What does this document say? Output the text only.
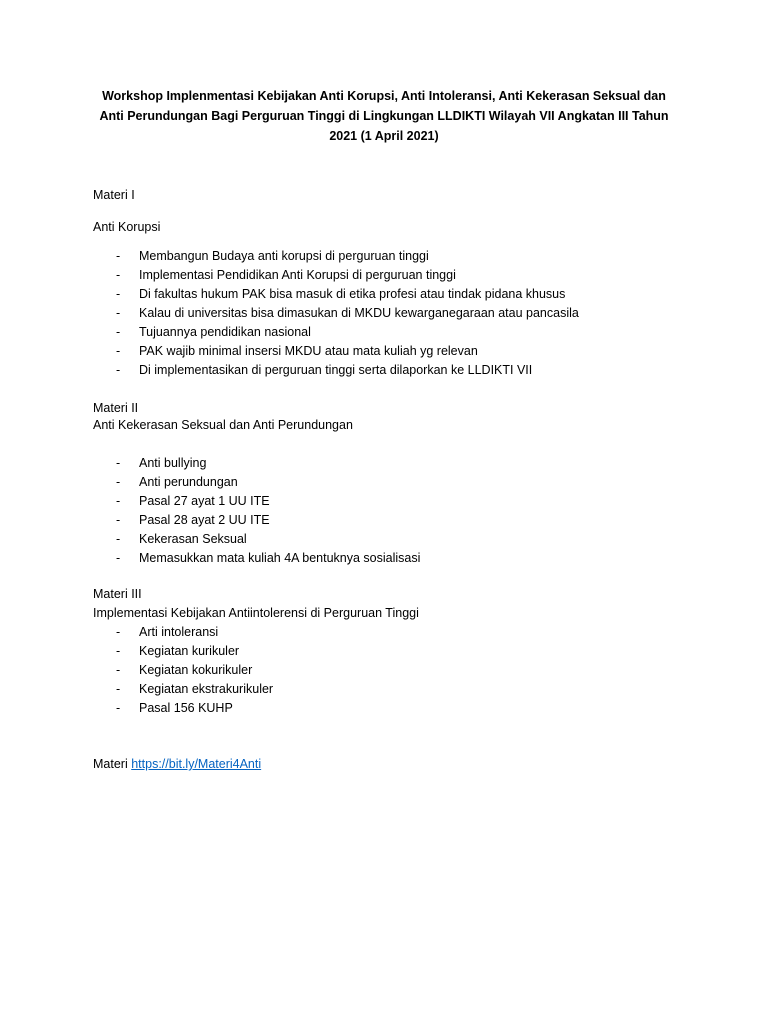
Workshop Implenmentasi Kebijakan Anti Korupsi, Anti Intoleransi, Anti Kekerasan Seksual dan
Anti Perundungan Bagi Perguruan Tinggi di Lingkungan LLDIKTI Wilayah VII Angkatan III Tahun
2021 (1 April 2021)
Materi I
Anti Korupsi
- Membangun Budaya anti korupsi di perguruan tinggi
- Implementasi Pendidikan Anti Korupsi di perguruan tinggi
- Di fakultas hukum PAK bisa masuk di etika profesi atau tindak pidana khusus
- Kalau di universitas bisa dimasukan di MKDU kewarganegaraan atau pancasila
- Tujuannya pendidikan nasional
- PAK wajib minimal insersi MKDU atau mata kuliah yg relevan
- Di implementasikan di perguruan tinggi serta dilaporkan ke LLDIKTI VII
Materi II
Anti Kekerasan Seksual dan Anti Perundungan
- Anti bullying
- Anti perundungan
- Pasal 27 ayat 1 UU ITE
- Pasal 28 ayat 2 UU ITE
- Kekerasan Seksual
- Memasukkan mata kuliah 4A bentuknya sosialisasi
Materi III
Implementasi Kebijakan Antiintolerensi di Perguruan Tinggi
- Arti intoleransi
- Kegiatan kurikuler
- Kegiatan kokurikuler
- Kegiatan ekstrakurikuler
- Pasal 156 KUHP
Materi https://bit.ly/Materi4Anti
